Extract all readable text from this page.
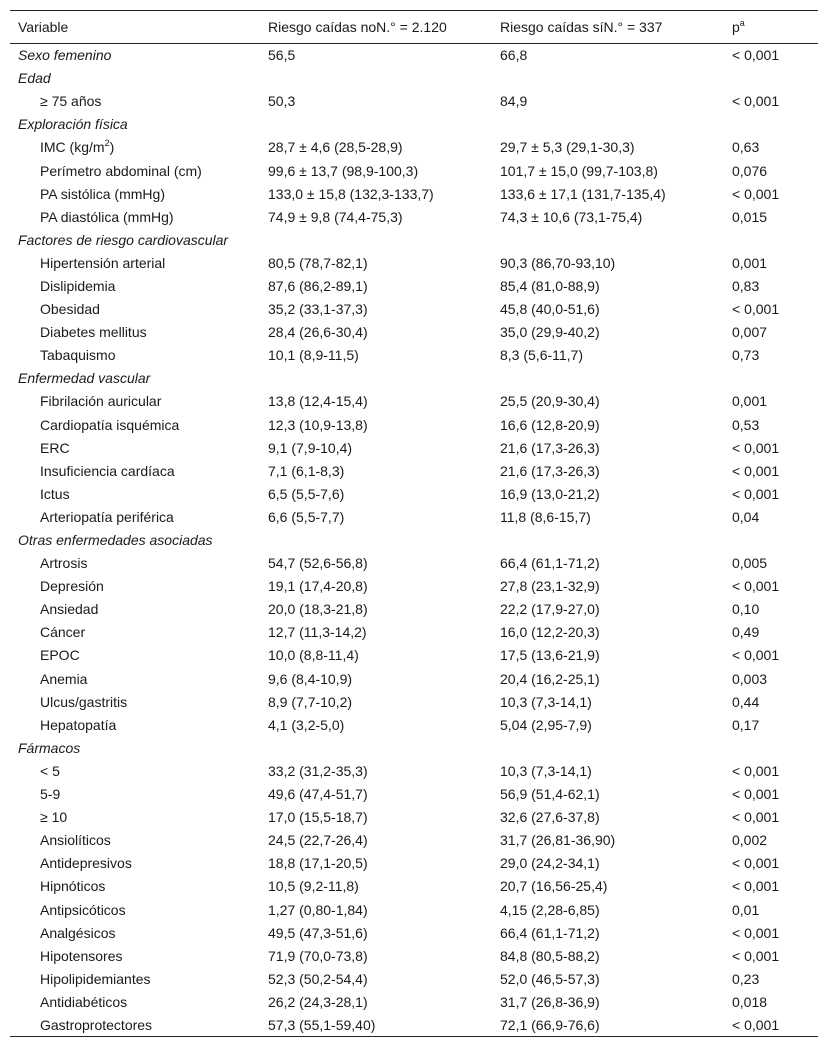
Variable	Riesgo caídas noN.° = 2.120	Riesgo caídas síN.° = 337	$p^a$
Sexo femenino	56,5	66,8	< 0,001
Edad			
≥ 75 años	50,3	84,9	< 0,001
Exploración física			
IMC $(kg/m^2)$	28,7 ± 4,6 (28,5-28,9)	29,7 ± 5,3 (29,1-30,3)	0,63
Perímetro abdominal (cm)	99,6 ± 13,7 (98,9-100,3)	101,7 ± 15,0 (99,7-103,8)	0,076
PA sistólica (mmHg)	133,0 ± 15,8 (132,3-133,7)	133,6 ± 17,1 (131,7-135,4)	< 0,001
PA diastólica (mmHg)	74,9 ± 9,8 (74,4-75,3)	74,3 ± 10,6 (73,1-75,4)	0,015
Factores de riesgo cardiovascular			
Hipertensión arterial	80,5 (78,7-82,1)	90,3 (86,70-93,10)	0,001
Dislipidemia	87,6 (86,2-89,1)	85,4 (81,0-88,9)	0,83
Obesidad	35,2 (33,1-37,3)	45,8 (40,0-51,6)	< 0,001
Diabetes mellitus	28,4 (26,6-30,4)	35,0 (29,9-40,2)	0,007
Tabaquismo	10,1 (8,9-11,5)	8,3 (5,6-11,7)	0,73
Enfermedad vascular			
Fibrilación auricular	13,8 (12,4-15,4)	25,5 (20,9-30,4)	0,001
Cardiopatía isquémica	12,3 (10,9-13,8)	16,6 (12,8-20,9)	0,53
ERC	9,1 (7,9-10,4)	21,6 (17,3-26,3)	< 0,001
Insuficiencia cardíaca	7,1 (6,1-8,3)	21,6 (17,3-26,3)	< 0,001
Ictus	6,5 (5,5-7,6)	16,9 (13,0-21,2)	< 0,001
Arteriopatía periférica	6,6 (5,5-7,7)	11,8 (8,6-15,7)	0,04
Otras enfermedades asociadas			
Artrosis	54,7 (52,6-56,8)	66,4 (61,1-71,2)	0,005
Depresión	19,1 (17,4-20,8)	27,8 (23,1-32,9)	< 0,001
Ansiedad	20,0 (18,3-21,8)	22,2 (17,9-27,0)	0,10
Cáncer	12,7 (11,3-14,2)	16,0 (12,2-20,3)	0,49
EPOC	10,0 (8,8-11,4)	17,5 (13,6-21,9)	< 0,001
Anemia	9,6 (8,4-10,9)	20,4 (16,2-25,1)	0,003
Ulcus/gastritis	8,9 (7,7-10,2)	10,3 (7,3-14,1)	0,44
Hepatopatía	4,1 (3,2-5,0)	5,04 (2,95-7,9)	0,17
Fármacos			
< 5	33,2 (31,2-35,3)	10,3 (7,3-14,1)	< 0,001
5-9	49,6 (47,4-51,7)	56,9 (51,4-62,1)	< 0,001
≥ 10	17,0 (15,5-18,7)	32,6 (27,6-37,8)	< 0,001
Ansiolíticos	24,5 (22,7-26,4)	31,7 (26,81-36,90)	0,002
Antidepresivos	18,8 (17,1-20,5)	29,0 (24,2-34,1)	< 0,001
Hipnóticos	10,5 (9,2-11,8)	20,7 (16,56-25,4)	< 0,001
Antipsicóticos	1,27 (0,80-1,84)	4,15 (2,28-6,85)	0,01
Analgésicos	49,5 (47,3-51,6)	66,4 (61,1-71,2)	< 0,001
Hipotensores	71,9 (70,0-73,8)	84,8 (80,5-88,2)	< 0,001
Hipolipidemiantes	52,3 (50,2-54,4)	52,0 (46,5-57,3)	0,23
Antidiabéticos	26,2 (24,3-28,1)	31,7 (26,8-36,9)	0,018
Gastroprotectores	57,3 (55,1-59,40)	72,1 (66,9-76,6)	< 0,001
